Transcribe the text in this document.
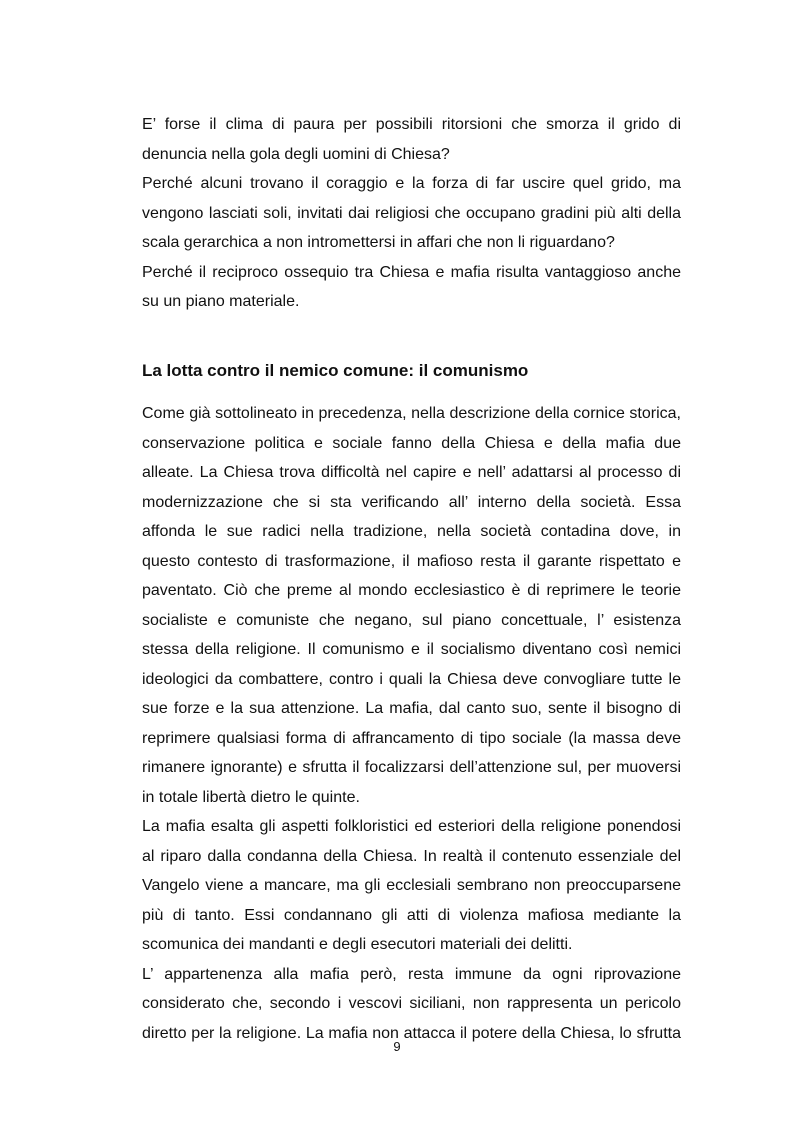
E’ forse il clima di paura per possibili ritorsioni che smorza il grido di denuncia nella gola degli uomini di Chiesa?

Perché alcuni trovano il coraggio e la forza di far uscire quel grido, ma vengono lasciati soli, invitati dai religiosi che occupano gradini più alti della scala gerarchica a non intromettersi in affari che non li riguardano?

Perché il reciproco ossequio tra Chiesa e mafia risulta vantaggioso anche su un piano materiale.

La lotta contro il nemico comune: il comunismo

Come già sottolineato in precedenza, nella descrizione della cornice storica, conservazione politica e sociale fanno della Chiesa e della mafia due alleate. La Chiesa trova difficoltà nel capire e nell’ adattarsi al processo di modernizzazione che si sta verificando all’ interno della società. Essa affonda le sue radici nella tradizione, nella società contadina dove, in questo contesto di trasformazione, il mafioso resta il garante rispettato e paventato. Ciò che preme al mondo ecclesiastico è di reprimere le teorie socialiste e comuniste che negano, sul piano concettuale, l’ esistenza stessa della religione. Il comunismo e il socialismo diventano così nemici ideologici da combattere, contro i quali la Chiesa deve convogliare tutte le sue forze e la sua attenzione. La mafia, dal canto suo, sente il bisogno di reprimere qualsiasi forma di affrancamento di tipo sociale (la massa deve rimanere ignorante) e sfrutta il focalizzarsi dell’attenzione sul, per muoversi in totale libertà dietro le quinte.

La mafia esalta gli aspetti folkloristici ed esteriori della religione ponendosi al riparo dalla condanna della Chiesa. In realtà il contenuto essenziale del Vangelo viene a mancare, ma gli ecclesiali sembrano non preoccuparsene più di tanto. Essi condannano gli atti di violenza mafiosa mediante la scomunica dei mandanti e degli esecutori materiali dei delitti.

L’ appartenenza alla mafia però, resta immune da ogni riprovazione considerato che, secondo i vescovi siciliani, non rappresenta un pericolo diretto per la religione. La mafia non attacca il potere della Chiesa, lo sfrutta

9
